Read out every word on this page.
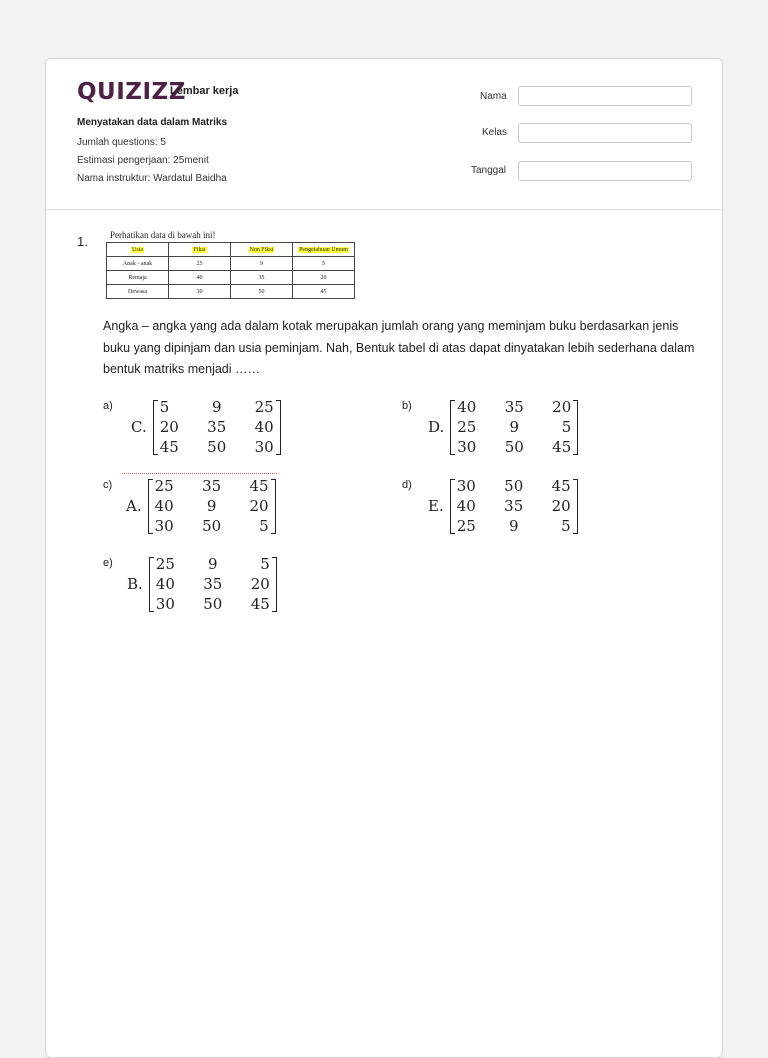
QUIZIZZ
Lembar kerja
Menyatakan data dalam Matriks
Jumlah questions: 5
Estimasi pengerjaan: 25menit
Nama instruktur: Wardatul Baidha
Nama
Kelas
Tanggal
1. Perhatikan data di bawah ini!
Usia	Fiksi	Non Fiksi	Pengetahuan Umum
Anak - anak	25	9	5
Remaja	40	35	20
Dewasa	30	50	45
Angka – angka yang ada dalam kotak merupakan jumlah orang yang meminjam buku berdasarkan jenis buku yang dipinjam dan usia peminjam. Nah, Bentuk tabel di atas dapat dinyatakan lebih sederhana dalam bentuk matriks menjadi ……
a)
C.
5	9	25
20	35	40
45	50	30
b)
D.
40	35	20
25	9	5
30	50	45
c)
A.
25	35	45
40	9	20
30	50	5
d)
E.
30	50	45
40	35	20
25	9	5
e)
B.
25	9	5
40	35	20
30	50	45
